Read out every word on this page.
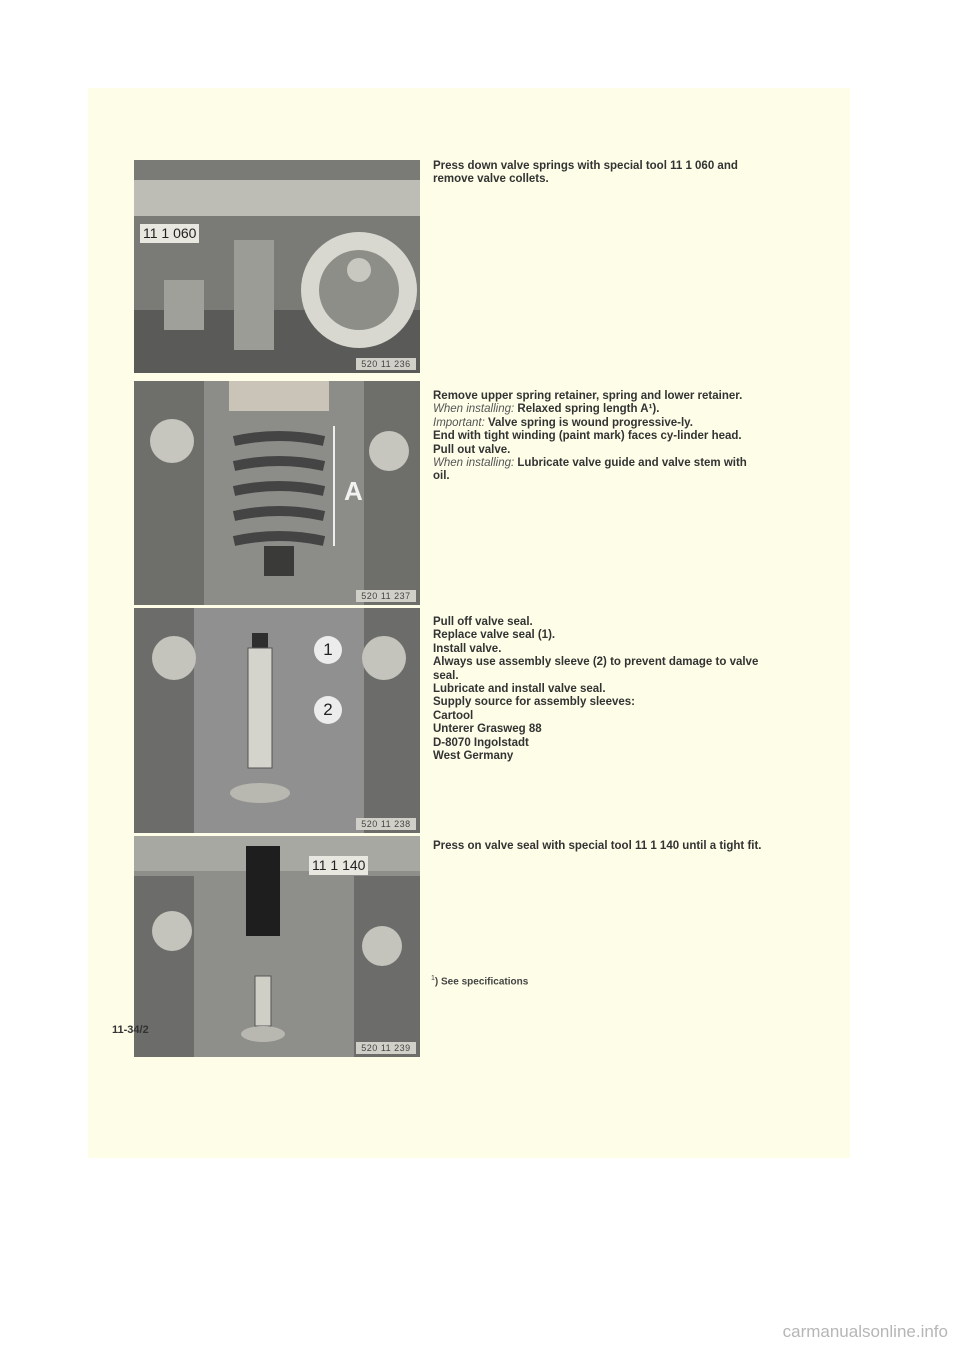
11 1 060
520 11 236
A
520 11 237
1
2
520 11 238
11 1 140
520 11 239

Press down valve springs with special tool 11 1 060 and remove valve collets.

Remove upper spring retainer, spring and lower retainer.

When installing: Relaxed spring length A¹).

Important: Valve spring is wound progressive-ly.

End with tight winding (paint mark) faces cy-linder head.

Pull out valve.

When installing: Lubricate valve guide and valve stem with oil.

Pull off valve seal.

Replace valve seal (1).

Install valve.

Always use assembly sleeve (2) to prevent damage to valve seal.

Lubricate and install valve seal.

Supply source for assembly sleeves:

Cartool

Unterer Grasweg 88

D-8070 Ingolstadt

West Germany

Press on valve seal with special tool 11 1 140 until a tight fit.

$^1$) See specifications
11-34/2
carmanualsonline.info
